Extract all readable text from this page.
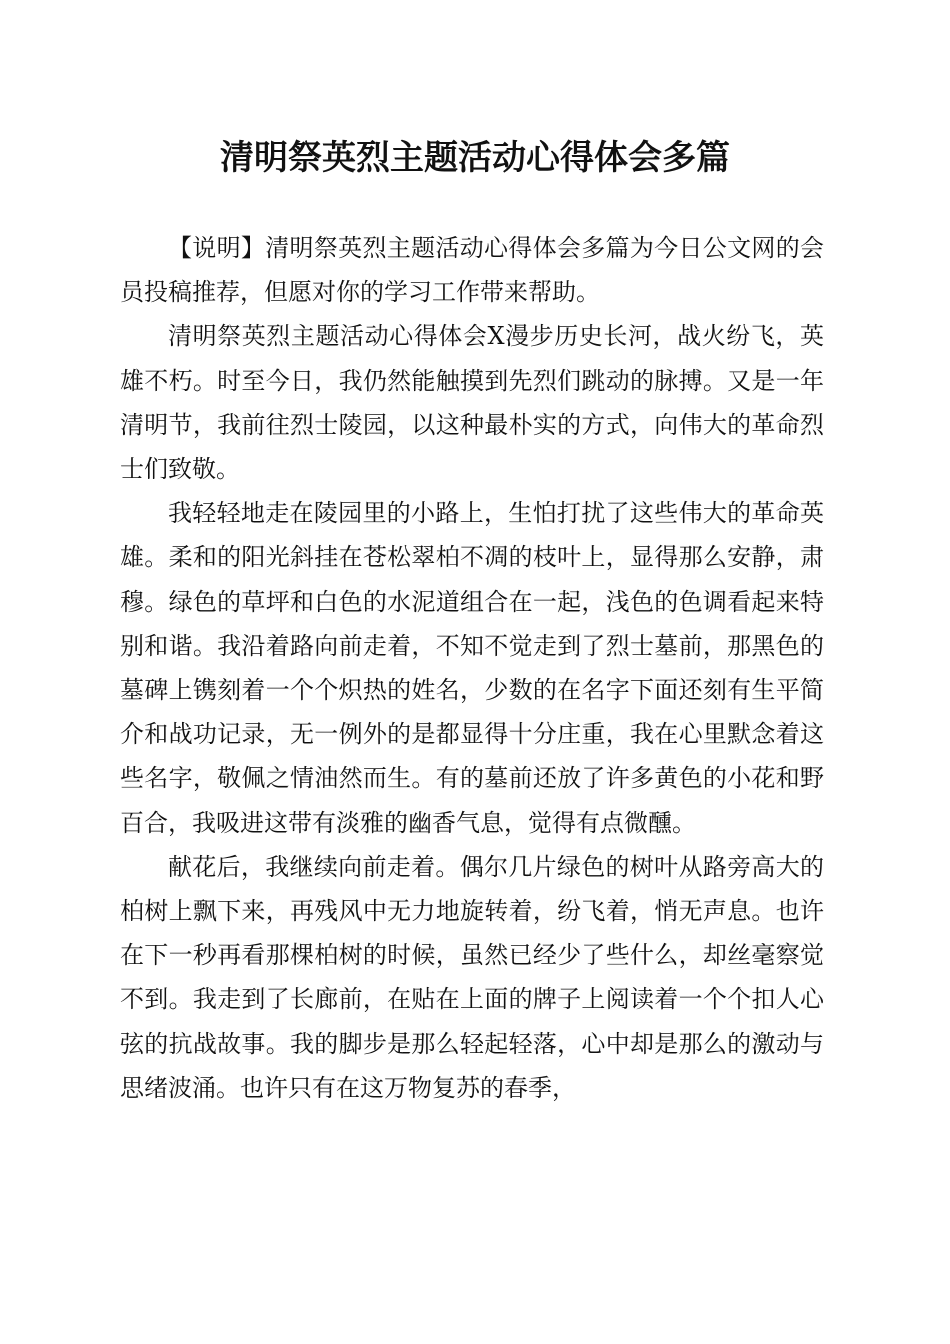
清明祭英烈主题活动心得体会多篇

【说明】清明祭英烈主题活动心得体会多篇为今日公文网的会员投稿推荐，但愿对你的学习工作带来帮助。

清明祭英烈主题活动心得体会X漫步历史长河，战火纷飞，英雄不朽。时至今日，我仍然能触摸到先烈们跳动的脉搏。又是一年清明节，我前往烈士陵园，以这种最朴实的方式，向伟大的革命烈士们致敬。

我轻轻地走在陵园里的小路上，生怕打扰了这些伟大的革命英雄。柔和的阳光斜挂在苍松翠柏不凋的枝叶上，显得那么安静，肃穆。绿色的草坪和白色的水泥道组合在一起，浅色的色调看起来特别和谐。我沿着路向前走着，不知不觉走到了烈士墓前，那黑色的墓碑上镌刻着一个个炽热的姓名，少数的在名字下面还刻有生平简介和战功记录，无一例外的是都显得十分庄重，我在心里默念着这些名字，敬佩之情油然而生。有的墓前还放了许多黄色的小花和野百合，我吸进这带有淡雅的幽香气息，觉得有点微醺。

献花后，我继续向前走着。偶尔几片绿色的树叶从路旁高大的柏树上飘下来，再残风中无力地旋转着，纷飞着，悄无声息。也许在下一秒再看那棵柏树的时候，虽然已经少了些什么，却丝毫察觉不到。我走到了长廊前，在贴在上面的牌子上阅读着一个个扣人心弦的抗战故事。我的脚步是那么轻起轻落，心中却是那么的激动与思绪波涌。也许只有在这万物复苏的春季，
